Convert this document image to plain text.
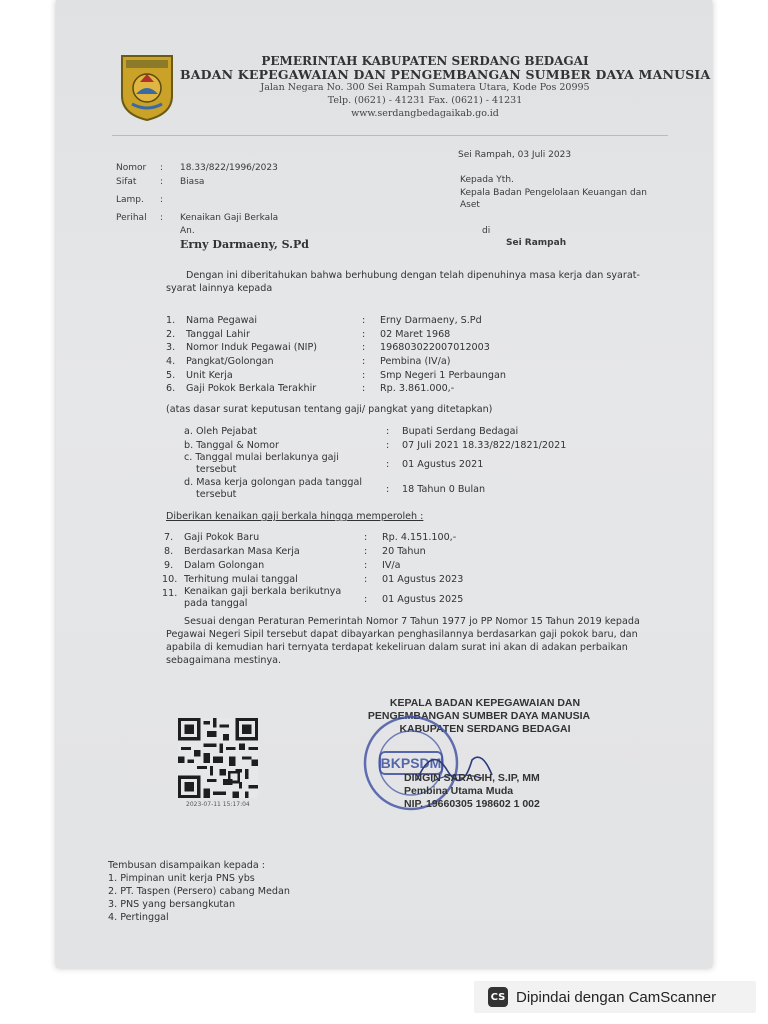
PEMERINTAH KABUPATEN SERDANG BEDAGAI
BADAN KEPEGAWAIAN DAN PENGEMBANGAN SUMBER DAYA MANUSIA
Jalan Negara No. 300 Sei Rampah Sumatera Utara, Kode Pos 20995
Telp. (0621) - 41231 Fax. (0621) - 41231
www.serdangbedagaikab.go.id
Sei Rampah, 03 Juli 2023
Nomor : 18.33/822/1996/2023
Sifat	: Biasa
Lamp. :
Perihal : Kenaikan Gaji Berkala
An.
Erny Darmaeny, S.Pd
Kepada Yth.
Kepala Badan Pengelolaan Keuangan dan
Aset
di
Sei Rampah
Dengan ini diberitahukan bahwa berhubung dengan telah dipenuhinya masa kerja dan syarat-
syarat lainnya kepada
1. Nama Pegawai	: Erny Darmaeny, S.Pd
2. Tanggal Lahir	: 02 Maret 1968
3. Nomor Induk Pegawai (NIP)	: 196803022007012003
4. Pangkat/Golongan	: Pembina (IV/a)
5. Unit Kerja	: Smp Negeri 1 Perbaungan
6. Gaji Pokok Berkala Terakhir	: Rp. 3.861.000,-
(atas dasar surat keputusan tentang gaji/ pangkat yang ditetapkan)
a. Oleh Pejabat	: Bupati Serdang Bedagai
b. Tanggal & Nomor	: 07 Juli 2021 18.33/822/1821/2021
c. Tanggal mulai berlakunya gaji
tersebut	: 01 Agustus 2021
d. Masa kerja golongan pada tanggal
tersebut	: 18 Tahun 0 Bulan
Diberikan kenaikan gaji berkala hingga memperoleh :
7. Gaji Pokok Baru	: Rp. 4.151.100,-
8. Berdasarkan Masa Kerja	: 20 Tahun
9. Dalam Golongan	: IV/a
10. Terhitung mulai tanggal	: 01 Agustus 2023
11. Kenaikan gaji berkala berikutnya
pada tanggal	: 01 Agustus 2025
Sesuai dengan Peraturan Pemerintah Nomor 7 Tahun 1977 jo PP Nomor 15 Tahun 2019 kepada
Pegawai Negeri Sipil tersebut dapat dibayarkan penghasilannya berdasarkan gaji pokok baru, dan
apabila di kemudian hari ternyata terdapat kekeliruan dalam surat ini akan di adakan perbaikan
sebagaimana mestinya.
KEPALA BADAN KEPEGAWAIAN DAN
PENGEMBANGAN SUMBER DAYA MANUSIA
KABUPATEN SERDANG BEDAGAI
BKPSDM
DINGIN SARAGIH, S.IP, MM
Pembina Utama Muda
NIP. 19660305 198602 1 002
2023-07-11 15:17:04
Tembusan disampaikan kepada :
1. Pimpinan unit kerja PNS ybs
2. PT. Taspen (Persero) cabang Medan
3. PNS yang bersangkutan
4. Pertinggal
CS Dipindai dengan CamScanner
